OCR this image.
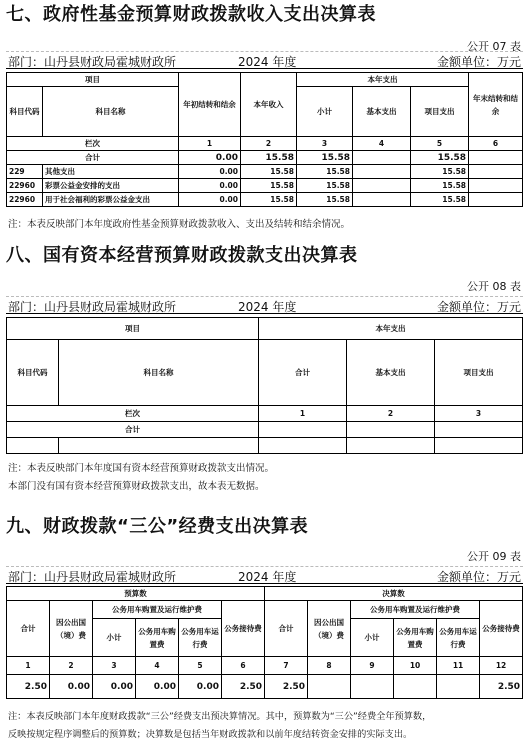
七、政府性基金预算财政拨款收入支出决算表
公开 07 表
部门：山丹县财政局霍城财政所	2024 年度	金额单位：万元
项目		年初结转和结余	本年收入	本年支出			年末结转和结余
科目代码	科目名称			小计	基本支出	项目支出	
栏次		1	2	3	4	5	6
合计		0.00	15.58	15.58		15.58	
229	其他支出	0.00	15.58	15.58		15.58	
22960	彩票公益金安排的支出	0.00	15.58	15.58		15.58	
22960	用于社会福利的彩票公益金支出	0.00	15.58	15.58		15.58	
注：本表反映部门本年度政府性基金预算财政拨款收入、支出及结转和结余情况。
八、国有资本经营预算财政拨款支出决算表
公开 08 表
部门：山丹县财政局霍城财政所	2024 年度	金额单位：万元
项目		本年支出		
科目代码	科目名称	合计	基本支出	项目支出
栏次		1	2	3
合计				

注：本表反映部门本年度国有资本经营预算财政拨款支出情况。
本部门没有国有资本经营预算财政拨款支出，故本表无数据。
九、财政拨款“三公”经费支出决算表
公开 09 表
部门：山丹县财政局霍城财政所	2024 年度	金额单位：万元
预算数						决算数					
合计	因公出国（境）费	公务用车购置及运行维护费			公务接待费	合计	因公出国（境）费	公务用车购置及运行维护费			公务接待费
		小计	公务用车购置费	公务用车运行费				小计	公务用车购置费	公务用车运行费	
1	2	3	4	5	6	7	8	9	10	11	12
2.50	0.00	0.00	0.00	0.00	2.50	2.50					2.50
注：本表反映部门本年度财政拨款“三公”经费支出预决算情况。其中，预算数为“三公”经费全年预算数，
反映按规定程序调整后的预算数；决算数是包括当年财政拨款和以前年度结转资金安排的实际支出。
